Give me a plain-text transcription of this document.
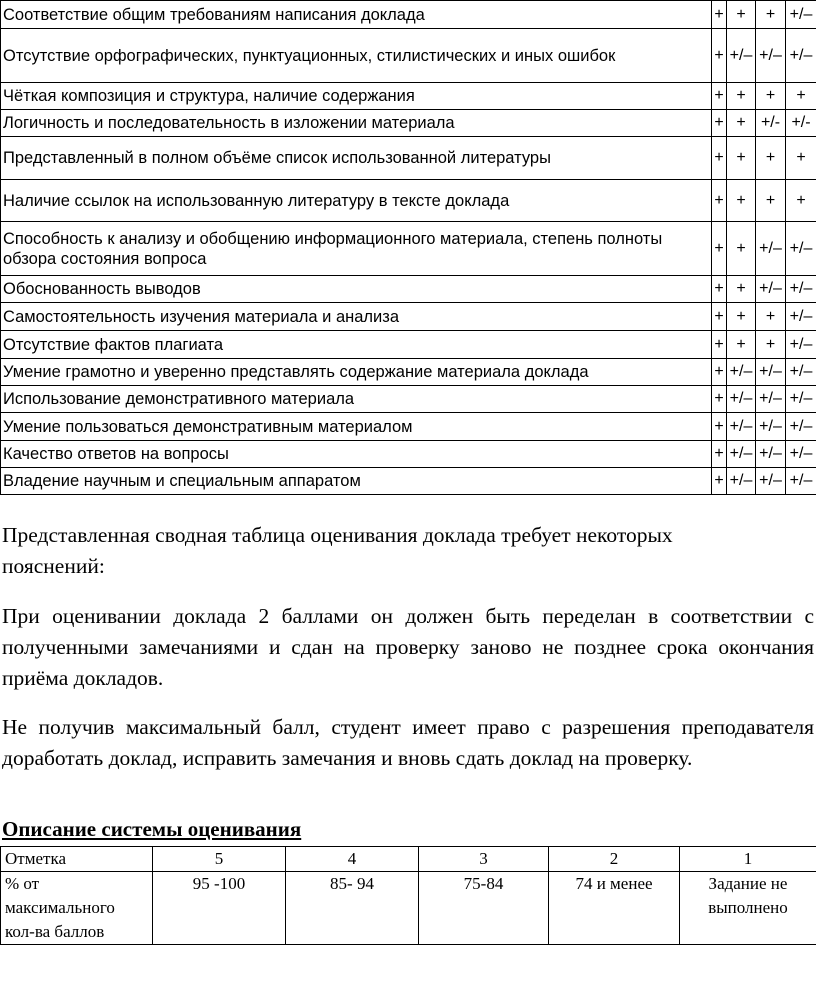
Соответствие общим требованиям написания доклада	+	+	+	+/–
Отсутствие орфографических, пунктуационных, стилистических и иных ошибок	+	+/–	+/–	+/–
Чёткая композиция и структура, наличие содержания	+	+	+	+
Логичность и последовательность в изложении материала	+	+	+/-	+/-
Представленный в полном объёме список использованной литературы	+	+	+	+
Наличие ссылок на использованную литературу в тексте доклада	+	+	+	+
Способность к анализу и обобщению информационного материала, степень полноты обзора состояния вопроса	+	+	+/–	+/–
Обоснованность выводов	+	+	+/–	+/–
Самостоятельность изучения материала и анализа	+	+	+	+/–
Отсутствие фактов плагиата	+	+	+	+/–
Умение грамотно и уверенно представлять содержание материала доклада	+	+/–	+/–	+/–
Использование демонстративного материала	+	+/–	+/–	+/–
Умение пользоваться демонстративным материалом	+	+/–	+/–	+/–
Качество ответов на вопросы	+	+/–	+/–	+/–
Владение научным и специальным аппаратом	+	+/–	+/–	+/–

Представленная сводная таблица оценивания доклада требует некоторых
пояснений:

При оценивании доклада 2 баллами он должен быть переделан в соответствии с полученными замечаниями и сдан на проверку заново не позднее срока окончания приёма докладов.

Не получив максимальный балл, студент имеет право с разрешения преподавателя доработать доклад, исправить замечания и вновь сдать доклад на проверку.

Описание системы оценивания

Отметка	5	4	3	2	1
% от максимального кол-ва баллов	95 -100	85- 94	75-84	74 и менее	Задание не выполнено
